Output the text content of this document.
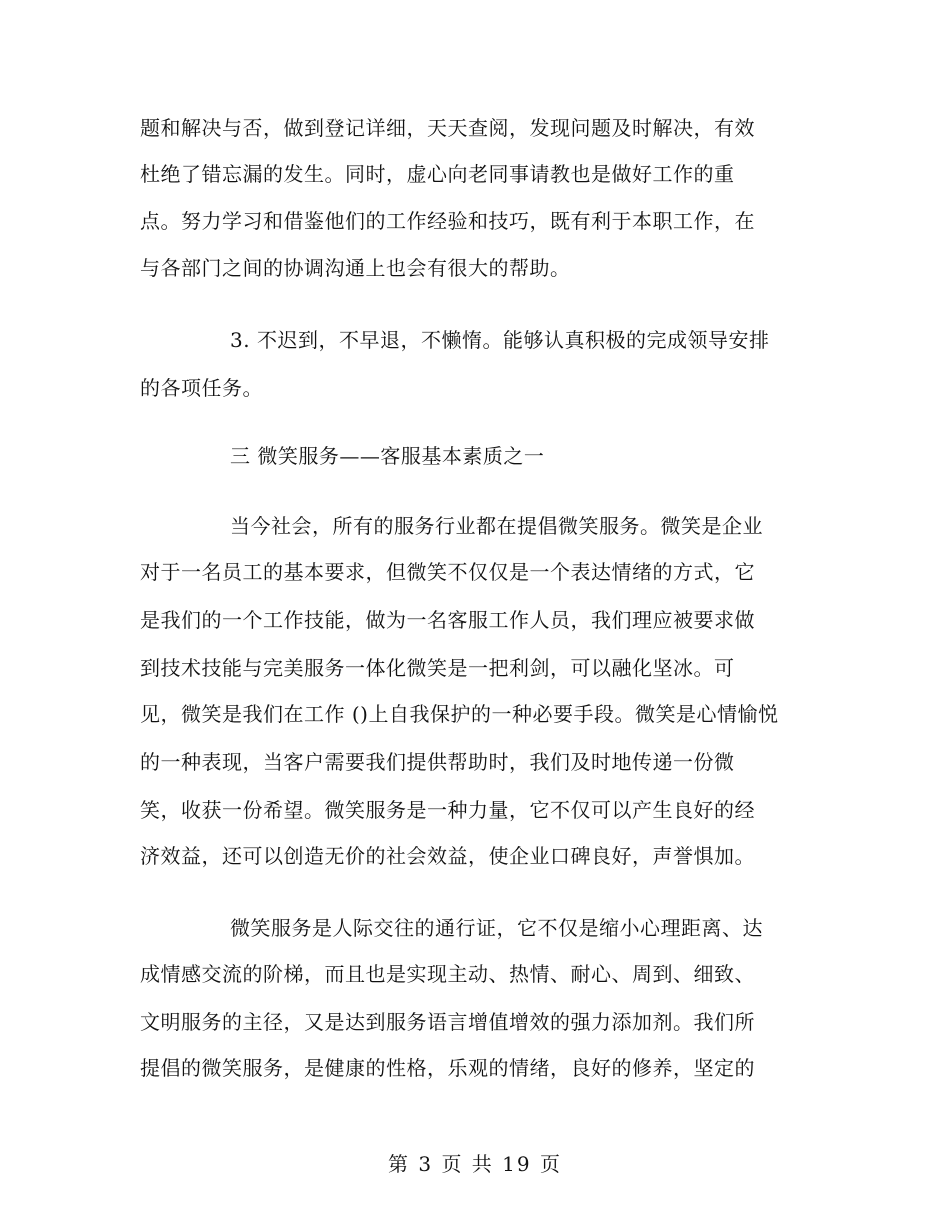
题和解决与否，做到登记详细，天天查阅，发现问题及时解决，有效
杜绝了错忘漏的发生。同时，虚心向老同事请教也是做好工作的重
点。努力学习和借鉴他们的工作经验和技巧，既有利于本职工作，在
与各部门之间的协调沟通上也会有很大的帮助。
3. 不迟到，不早退，不懒惰。能够认真积极的完成领导安排
的各项任务。
三 微笑服务——客服基本素质之一
当今社会，所有的服务行业都在提倡微笑服务。微笑是企业
对于一名员工的基本要求，但微笑不仅仅是一个表达情绪的方式，它
是我们的一个工作技能，做为一名客服工作人员，我们理应被要求做
到技术技能与完美服务一体化微笑是一把利剑，可以融化坚冰。可
见，微笑是我们在工作 ()上自我保护的一种必要手段。微笑是心情愉悦
的一种表现，当客户需要我们提供帮助时，我们及时地传递一份微
笑，收获一份希望。微笑服务是一种力量，它不仅可以产生良好的经
济效益，还可以创造无价的社会效益，使企业口碑良好，声誉惧加。
微笑服务是人际交往的通行证，它不仅是缩小心理距离、达
成情感交流的阶梯，而且也是实现主动、热情、耐心、周到、细致、
文明服务的主径，又是达到服务语言增值增效的强力添加剂。我们所
提倡的微笑服务，是健康的性格，乐观的情绪，良好的修养，坚定的
第 3 页 共 19 页
